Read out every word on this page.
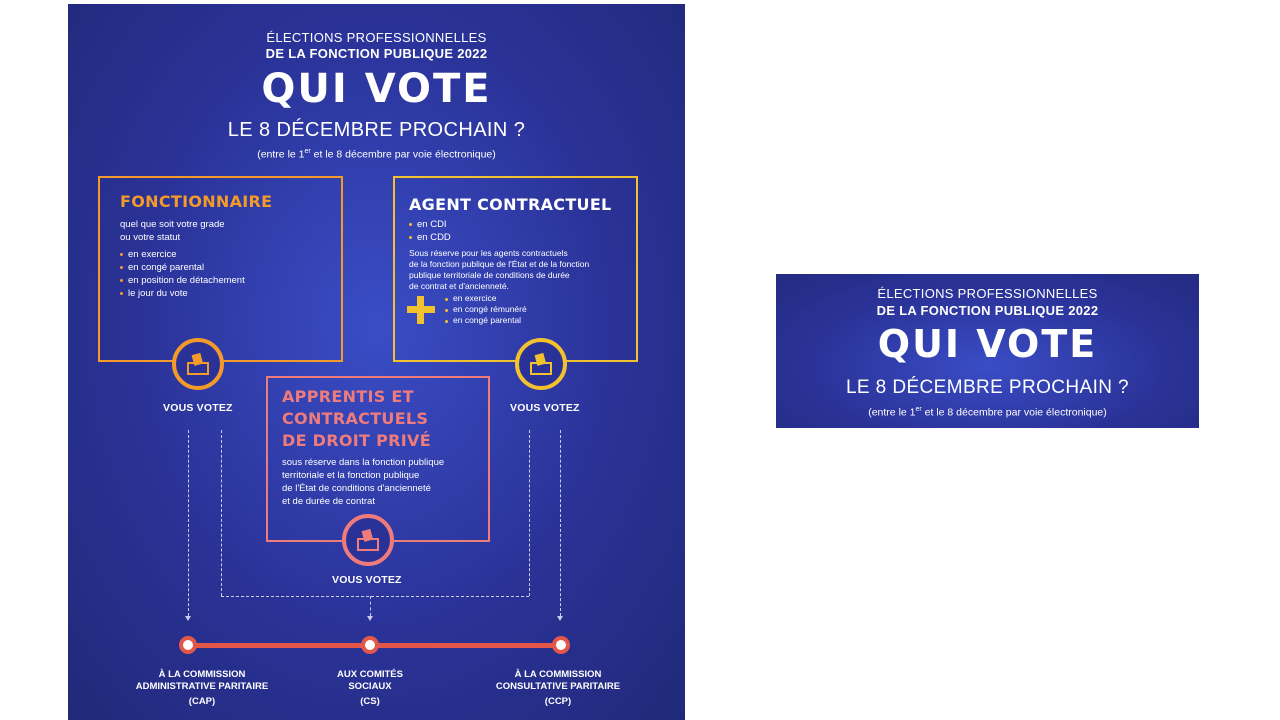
ÉLECTIONS PROFESSIONNELLES
DE LA FONCTION PUBLIQUE 2022
QUI VOTE
LE 8 DÉCEMBRE PROCHAIN ?
(entre le 1er et le 8 décembre par voie électronique)
FONCTIONNAIRE
quel que soit votre grade
ou votre statut
en exercice
en congé parental
en position de détachement
le jour du vote
VOUS VOTEZ
AGENT CONTRACTUEL
en CDI
en CDD
Sous réserve pour les agents contractuels
de la fonction publique de l'État et de la fonction
publique territoriale de conditions de durée
de contrat et d'ancienneté.
en exercice
en congé rémunéré
en congé parental
VOUS VOTEZ
APPRENTIS ET
CONTRACTUELS
DE DROIT PRIVÉ
sous réserve dans la fonction publique
territoriale et la fonction publique
de l'État de conditions d'ancienneté
et de durée de contrat
VOUS VOTEZ
À LA COMMISSION
ADMINISTRATIVE PARITAIRE
(CAP)
AUX COMITÉS
SOCIAUX
(CS)
À LA COMMISSION
CONSULTATIVE PARITAIRE
(CCP)
ÉLECTIONS PROFESSIONNELLES
DE LA FONCTION PUBLIQUE 2022
QUI VOTE
LE 8 DÉCEMBRE PROCHAIN ?
(entre le 1er et le 8 décembre par voie électronique)
